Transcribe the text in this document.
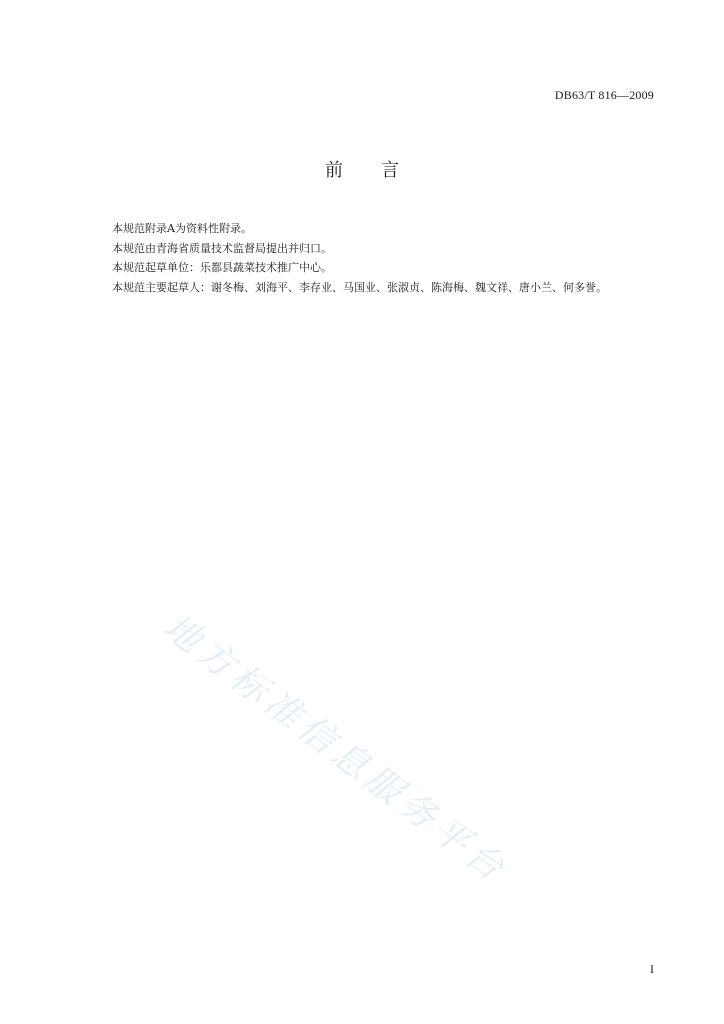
DB63/T 816—2009
前 言

本规范附录A为资料性附录。

本规范由青海省质量技术监督局提出并归口。

本规范起草单位：乐都县蔬菜技术推广中心。

本规范主要起草人：谢冬梅、刘海平、李存业、马国业、张淑贞、陈海梅、魏文祥、唐小兰、何多誉。

地方标准信息服务平台
I
